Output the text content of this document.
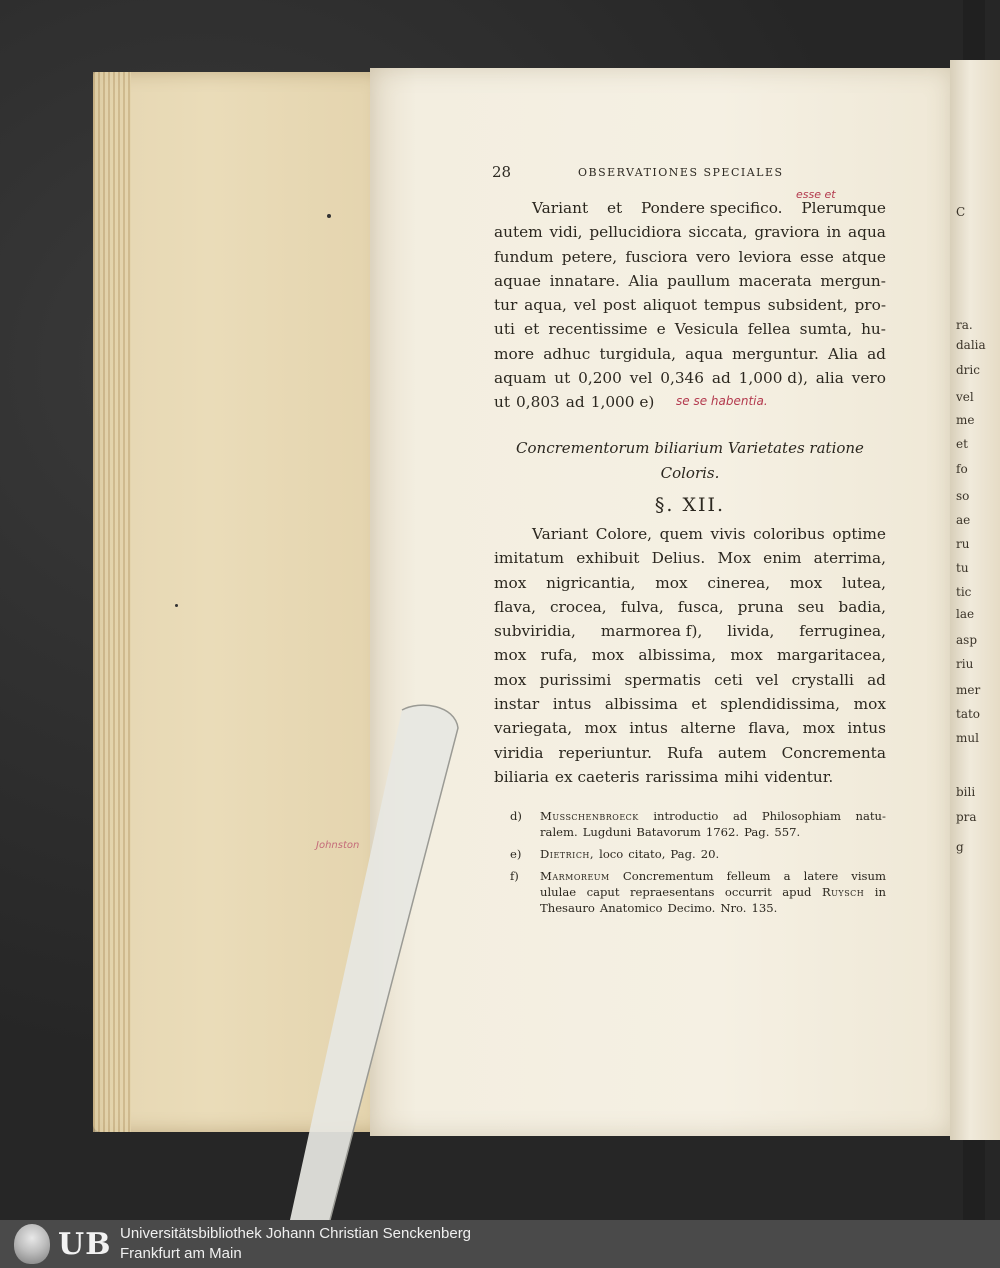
Johnston
C
ra.
dalia
dric
vel
me
et
fo
so
ae
ru
tu
tic
lae
asp
riu
mer
tato
mul
bili
pra
g
28	OBSERVATIONES SPECIALES
Variant et Pondere specifico. Plerumque
autem vidi, pellucidiora siccata, graviora in aqua
fundum petere, fusciora vero leviora esse atque
aquae innatare. Alia paullum macerata mergun-
tur aqua, vel post aliquot tempus subsident, pro-
uti et recentissime e Vesicula fellea sumta, hu-
more adhuc turgidula, aqua merguntur. Alia ad
aquam ut 0,200 vel 0,346 ad 1,000 d), alia vero
ut 0,803 ad 1,000 e)
esse et
se se habentia.
Concrementorum biliarium Varietates ratione
Coloris.
§. XII.
Variant Colore, quem vivis coloribus optime
imitatum exhibuit Delius. Mox enim aterrima,
mox nigricantia, mox cinerea, mox lutea,
flava, crocea, fulva, fusca, pruna seu badia,
subviridia, marmorea f), livida, ferruginea,
mox rufa, mox albissima, mox margaritacea,
mox purissimi spermatis ceti vel crystalli ad
instar intus albissima et splendidissima, mox
variegata, mox intus alterne flava, mox intus
viridia reperiuntur. Rufa autem Concrementa
biliaria ex caeteris rarissima mihi videntur.
d) Musschenbroeck introductio ad Philosophiam natu-
ralem. Lugduni Batavorum 1762. Pag. 557.
e) Dietrich, loco citato, Pag. 20.
f) Marmoreum Concrementum felleum a latere visum
ululae caput repraesentans occurrit apud Ruysch in
Thesauro Anatomico Decimo. Nro. 135.
UB Universitätsbibliothek Johann Christian Senckenberg
Frankfurt am Main
